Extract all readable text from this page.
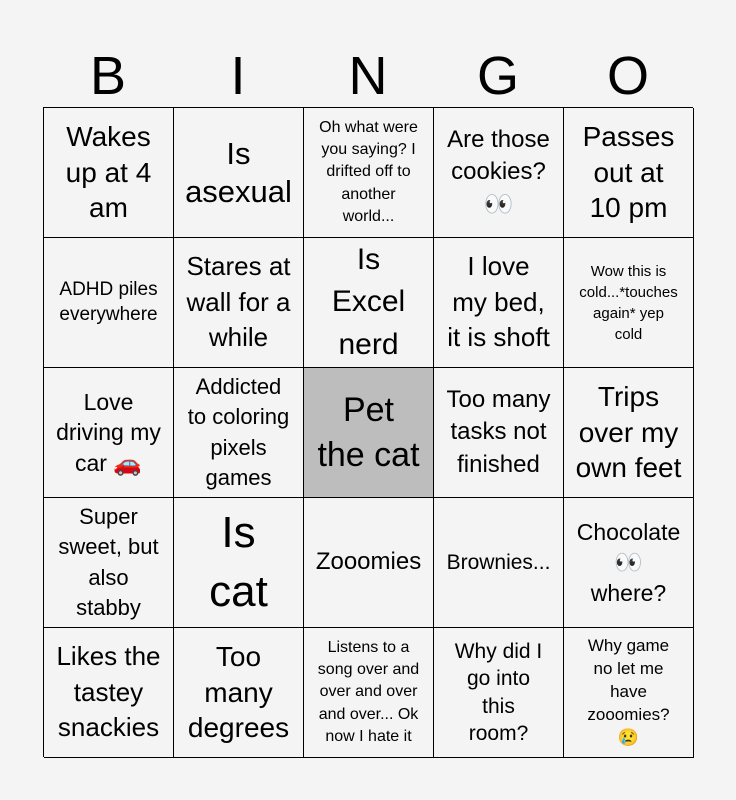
B	I	N	G	O
Wakes
up at 4
am
Is
asexual
Oh what were
you saying? I
drifted off to
another
world...
Are those
cookies?
👀
Passes
out at
10 pm
ADHD piles
everywhere
Stares at
wall for a
while
Is
Excel
nerd
I love
my bed,
it is shoft
Wow this is
cold...*touches
again* yep
cold
Love
driving my
car 🚗
Addicted
to coloring
pixels
games
Pet
the cat
Too many
tasks not
finished
Trips
over my
own feet
Super
sweet, but
also
stabby
Is
cat
Zooomies	Brownies...
Chocolate
👀
where?
Likes the
tastey
snackies
Too
many
degrees
Listens to a
song over and
over and over
and over... Ok
now I hate it
Why did I
go into
this
room?
Why game
no let me
have
zooomies?
😢
